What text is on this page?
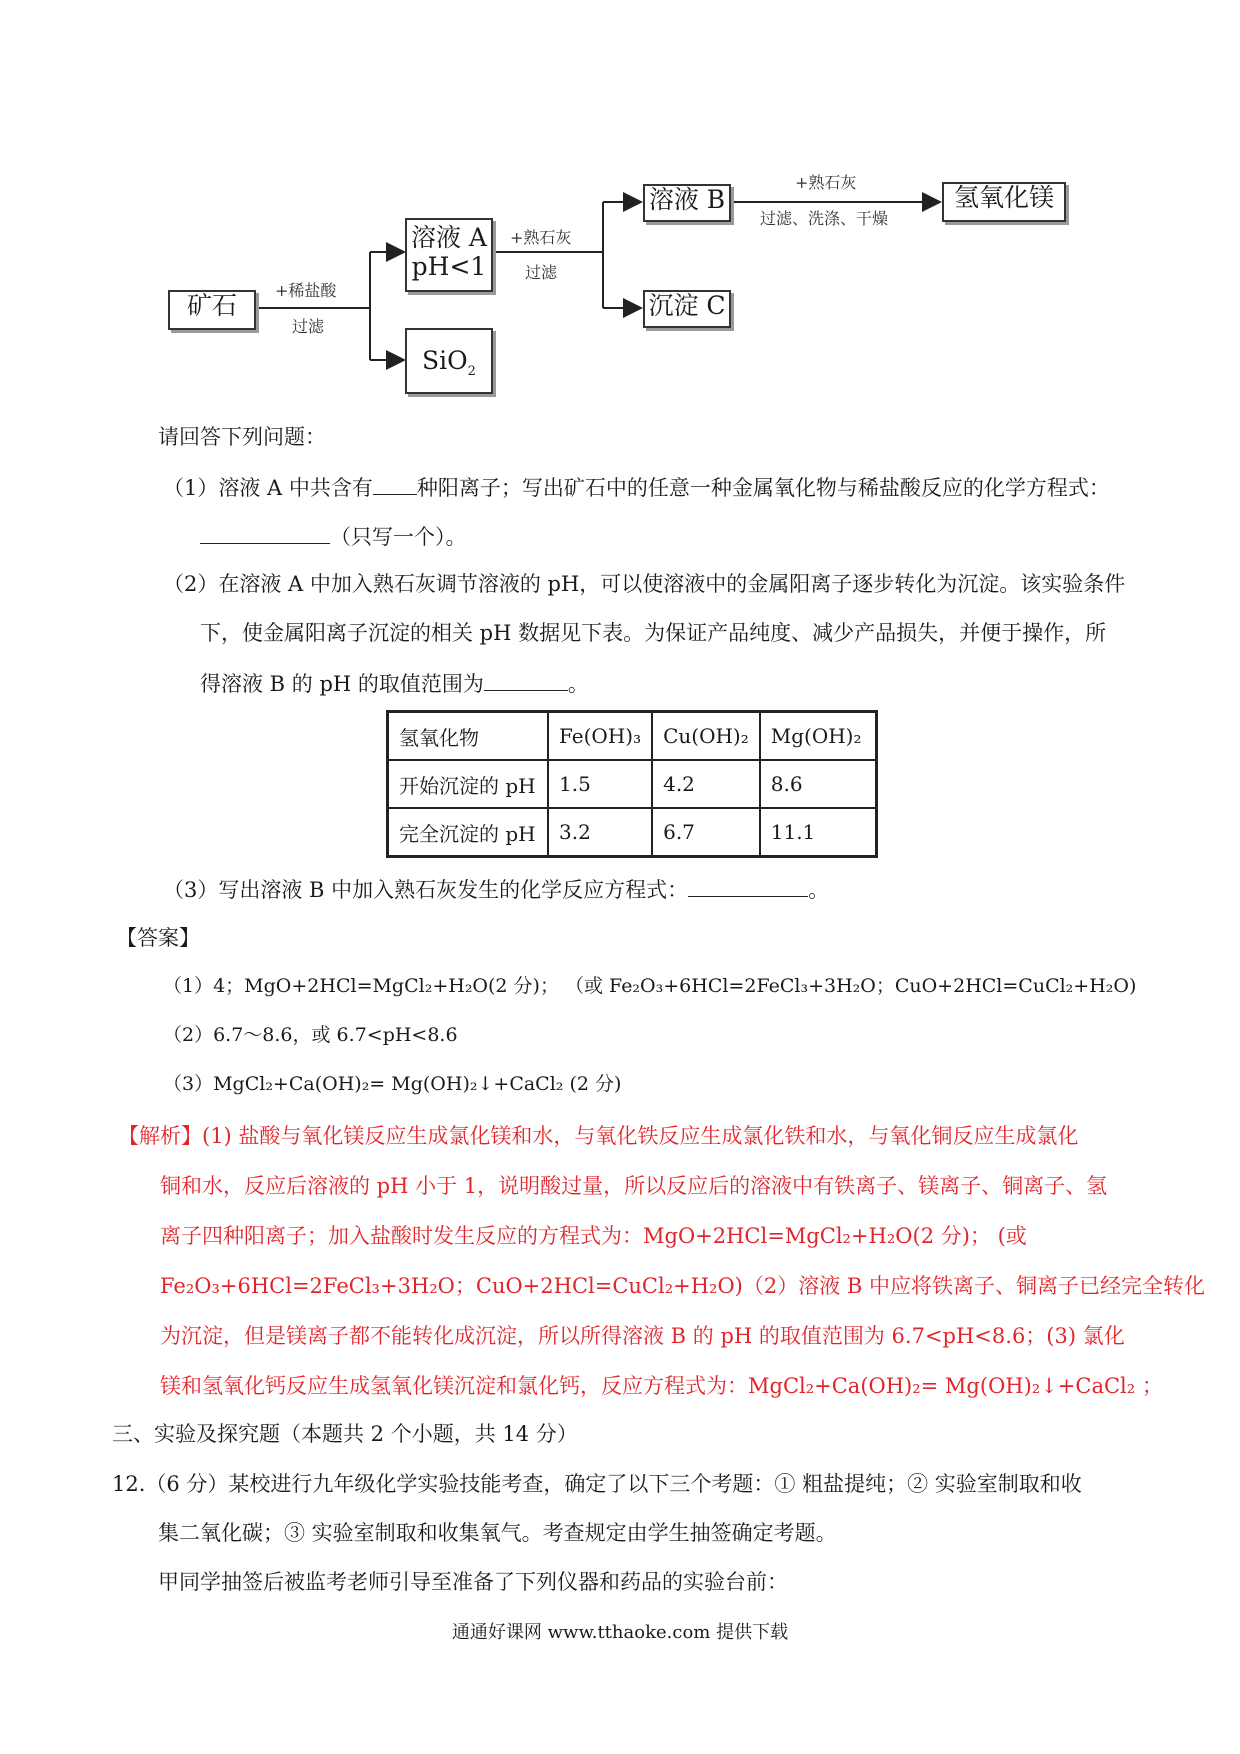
矿石
+稀盐酸
过滤
溶液 A
pH<1
SiO$_2$
+熟石灰
过滤
溶液 B
沉淀 C
+熟石灰
过滤、洗涤、干燥
氢氧化镁
请回答下列问题：
（1）溶液 A 中共含有 种阳离子；写出矿石中的任意一种金属氧化物与稀盐酸反应的化学方程式：
（只写一个）。
（2）在溶液 A 中加入熟石灰调节溶液的 pH，可以使溶液中的金属阳离子逐步转化为沉淀。该实验条件
下，使金属阳离子沉淀的相关 pH 数据见下表。为保证产品纯度、减少产品损失，并便于操作，所
得溶液 B 的 pH 的取值范围为	。
氢氧化物	Fe(OH)₃	Cu(OH)₂	Mg(OH)₂
开始沉淀的 pH	1.5	4.2	8.6
完全沉淀的 pH	3.2	6.7	11.1
（3）写出溶液 B 中加入熟石灰发生的化学反应方程式：	。
【答案】
（1）4；MgO+2HCl=MgCl₂+H₂O(2 分)； （或 Fe₂O₃+6HCl=2FeCl₃+3H₂O；CuO+2HCl=CuCl₂+H₂O)
（2）6.7～8.6，或 6.7<pH<8.6
（3）MgCl₂+Ca(OH)₂= Mg(OH)₂↓+CaCl₂ (2 分)
【解析】(1) 盐酸与氧化镁反应生成氯化镁和水，与氧化铁反应生成氯化铁和水，与氧化铜反应生成氯化
铜和水，反应后溶液的 pH 小于 1，说明酸过量，所以反应后的溶液中有铁离子、镁离子、铜离子、氢
离子四种阳离子；加入盐酸时发生反应的方程式为：MgO+2HCl=MgCl₂+H₂O(2 分)； (或
Fe₂O₃+6HCl=2FeCl₃+3H₂O；CuO+2HCl=CuCl₂+H₂O)（2）溶液 B 中应将铁离子、铜离子已经完全转化
为沉淀，但是镁离子都不能转化成沉淀，所以所得溶液 B 的 pH 的取值范围为 6.7<pH<8.6；(3) 氯化
镁和氢氧化钙反应生成氢氧化镁沉淀和氯化钙，反应方程式为：MgCl₂+Ca(OH)₂= Mg(OH)₂↓+CaCl₂ ；
三、实验及探究题（本题共 2 个小题，共 14 分）
12.（6 分）某校进行九年级化学实验技能考查，确定了以下三个考题：① 粗盐提纯；② 实验室制取和收
集二氧化碳；③ 实验室制取和收集氧气。考查规定由学生抽签确定考题。
甲同学抽签后被监考老师引导至准备了下列仪器和药品的实验台前：
通通好课网 www.tthaoke.com 提供下载
